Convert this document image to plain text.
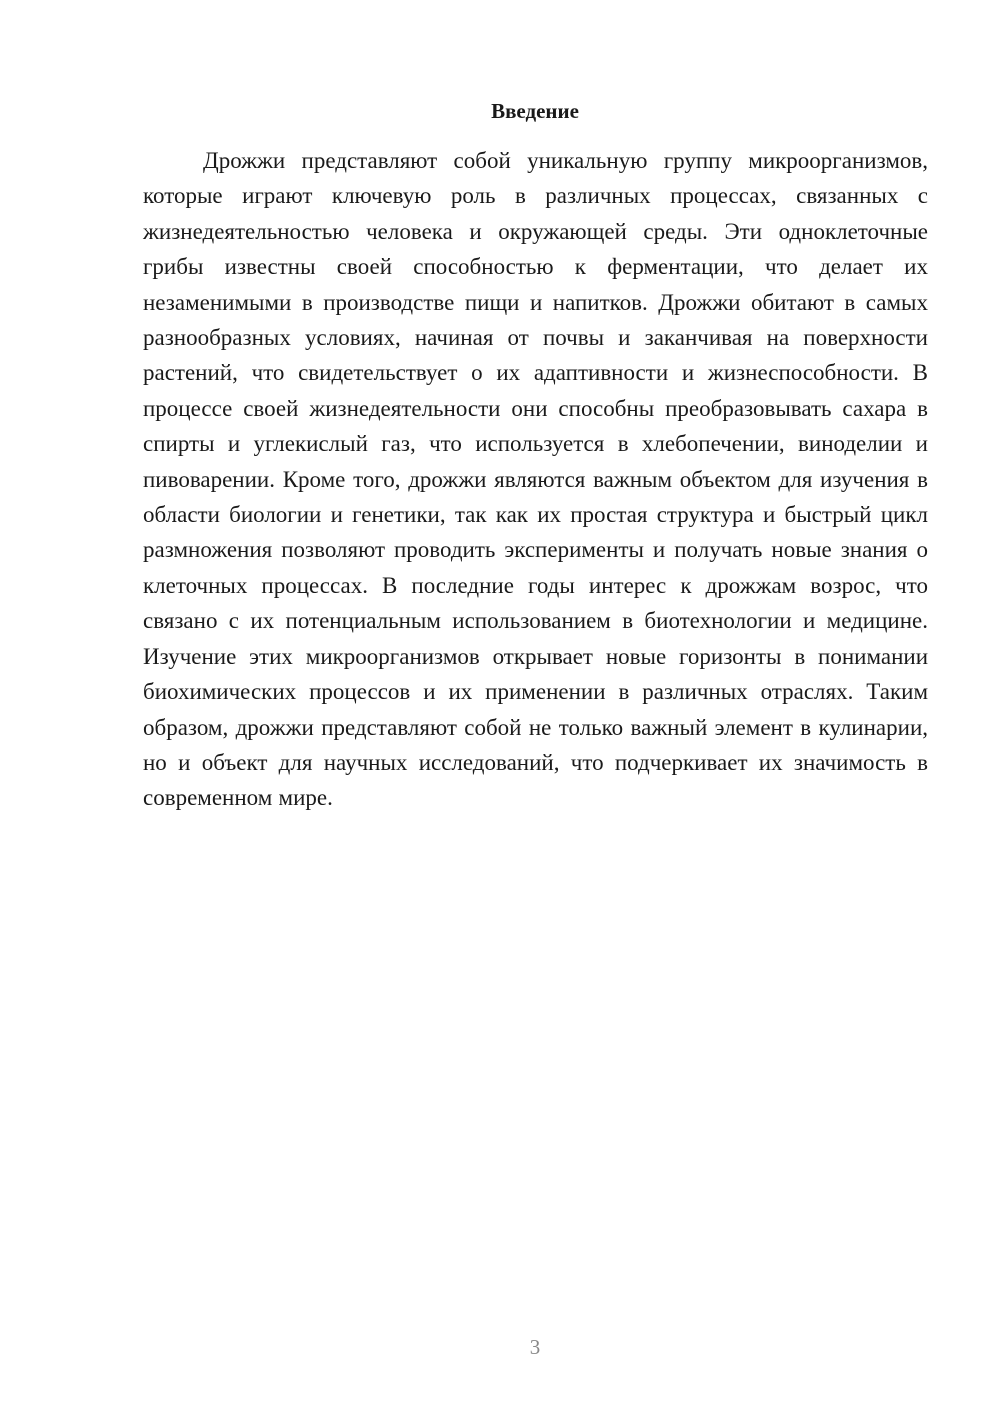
Введение

Дрожжи представляют собой уникальную группу микроорганизмов, которые играют ключевую роль в различных процессах, связанных с жизнедеятельностью человека и окружающей среды. Эти одноклеточные грибы известны своей способностью к ферментации, что делает их незаменимыми в производстве пищи и напитков. Дрожжи обитают в самых разнообразных условиях, начиная от почвы и заканчивая на поверхности растений, что свидетельствует о их адаптивности и жизнеспособности. В процессе своей жизнедеятельности они способны преобразовывать сахара в спирты и углекислый газ, что используется в хлебопечении, виноделии и пивоварении. Кроме того, дрожжи являются важным объектом для изучения в области биологии и генетики, так как их простая структура и быстрый цикл размножения позволяют проводить эксперименты и получать новые знания о клеточных процессах. В последние годы интерес к дрожжам возрос, что связано с их потенциальным использованием в биотехнологии и медицине. Изучение этих микроорганизмов открывает новые горизонты в понимании биохимических процессов и их применении в различных отраслях. Таким образом, дрожжи представляют собой не только важный элемент в кулинарии, но и объект для научных исследований, что подчеркивает их значимость в современном мире.

3
